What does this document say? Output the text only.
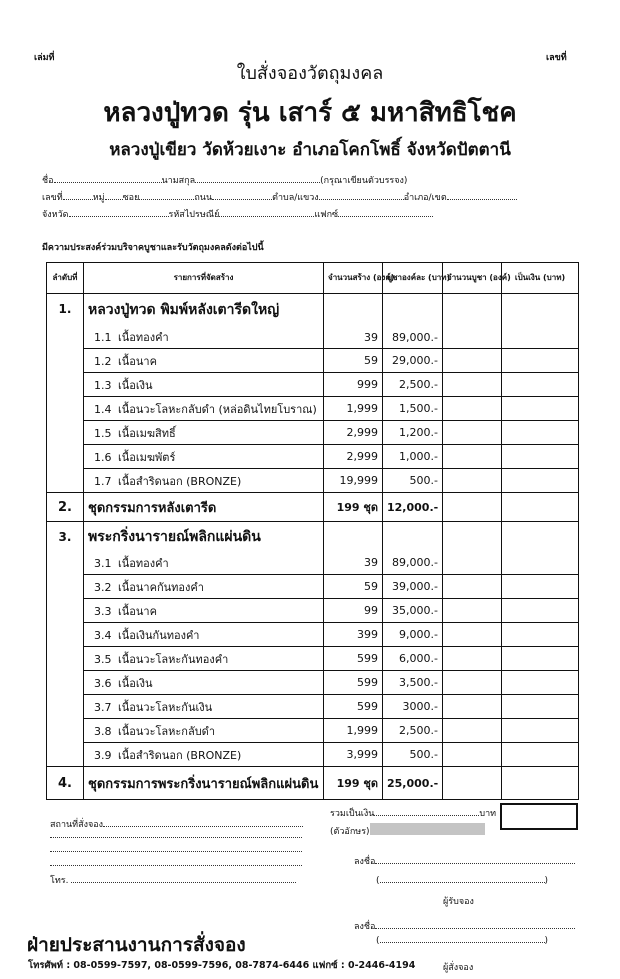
เล่มที่	เลขที่
ใบสั่งจองวัตถุมงคล
หลวงปู่ทวด รุ่น เสาร์ ๕ มหาสิทธิโชค
หลวงปู่เขียว วัดห้วยเงาะ อำเภอโคกโพธิ์ จังหวัดปัตตานี
ชื่อ	นามสกุล	(กรุณาเขียนตัวบรรจง)
เลขที่	หมู่ ซอย	ถนน	ตำบล/แขวง	อำเภอ/เขต
จังหวัด	รหัสไปรษณีย์	แฟกซ์
มีความประสงค์ร่วมบริจาคบูชาและรับวัตถุมงคลดังต่อไปนี้
ลำดับที่	รายการที่จัดสร้าง	จำนวนสร้าง (องค์)	บูชาองค์ละ (บาท)	จำนวนบูชา (องค์)	เป็นเงิน (บาท)
1.	หลวงปู่ทวด พิมพ์หลังเตารีดใหญ่				
	1.1 เนื้อทองคำ	39	89,000.-		
	1.2 เนื้อนาค	59	29,000.-		
	1.3 เนื้อเงิน	999	2,500.-		
	1.4 เนื้อนวะโลหะกลับดำ (หล่อดินไทยโบราณ)	1,999	1,500.-		
	1.5 เนื้อเมฆสิทธิ์	2,999	1,200.-		
	1.6 เนื้อเมฆพัตร์	2,999	1,000.-		
	1.7 เนื้อสำริดนอก (BRONZE)	19,999	500.-		
2.	ชุดกรรมการหลังเตารีด	199 ชุด	12,000.-		
3.	พระกริ่งนารายณ์พลิกแผ่นดิน				
	3.1 เนื้อทองคำ	39	89,000.-		
	3.2 เนื้อนาคกันทองคำ	59	39,000.-		
	3.3 เนื้อนาค	99	35,000.-		
	3.4 เนื้อเงินกันทองคำ	399	9,000.-		
	3.5 เนื้อนวะโลหะกันทองคำ	599	6,000.-		
	3.6 เนื้อเงิน	599	3,500.-		
	3.7 เนื้อนวะโลหะกันเงิน	599	3000.-		
	3.8 เนื้อนวะโลหะกลับดำ	1,999	2,500.-		
	3.9 เนื้อสำริดนอก (BRONZE)	3,999	500.-		
4.	ชุดกรรมการพระกริ่งนารายณ์พลิกแผ่นดิน	199 ชุด	25,000.-		
สถานที่สั่งจอง
โทร.
รวมเป็นเงิน	บาท
(ตัวอักษร)
ลงชื่อ
(	)
ผู้รับจอง
ลงชื่อ
(	)
ผู้สั่งจอง
ฝ่ายประสานงานการสั่งจอง
โทรศัพท์ : 08-0599-7597, 08-0599-7596, 08-7874-6446 แฟกซ์ : 0-2446-4194
